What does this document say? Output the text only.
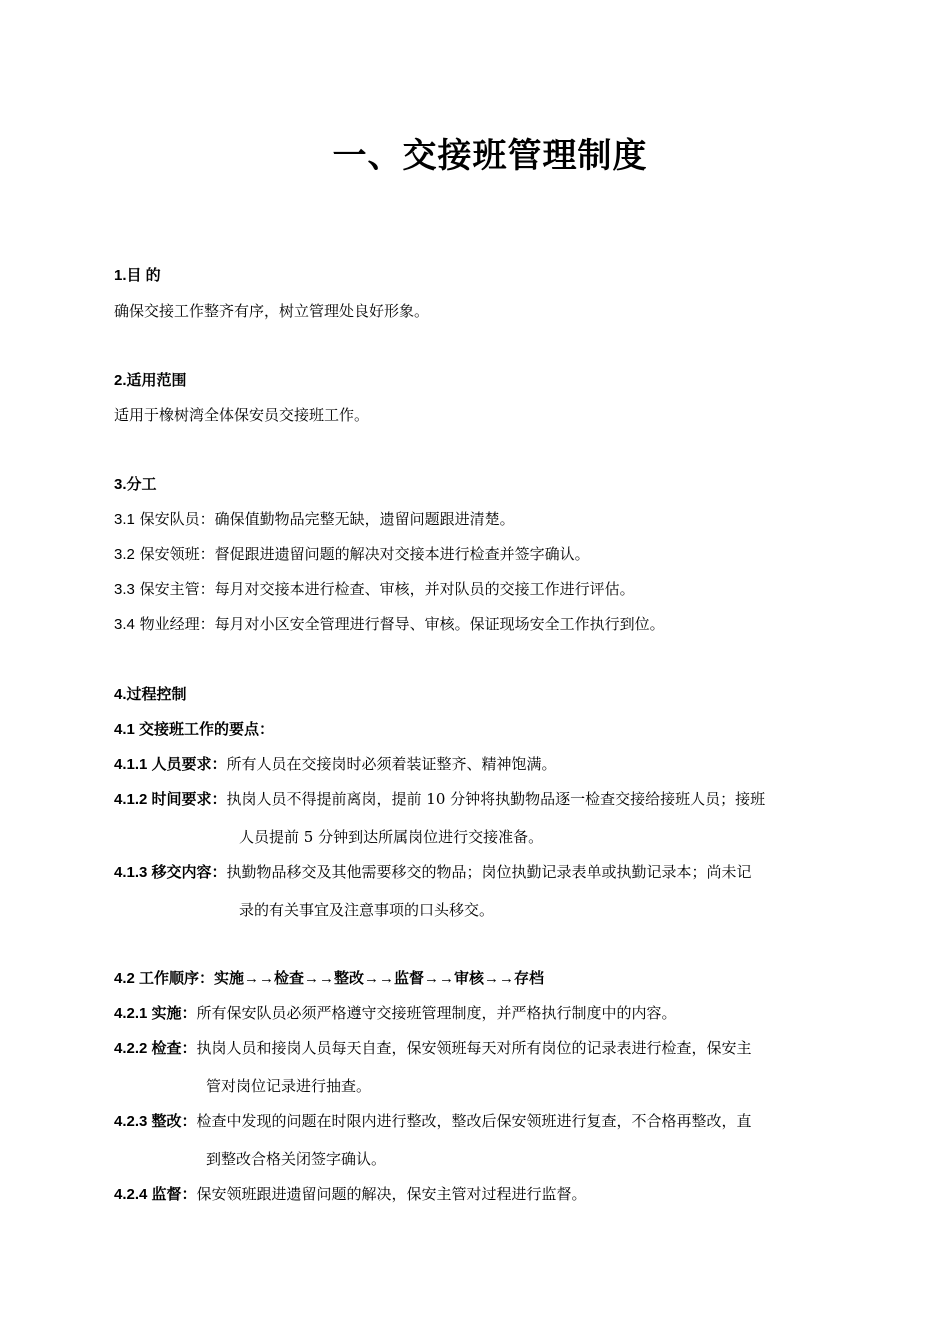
一、交接班管理制度
1.目 的
确保交接工作整齐有序，树立管理处良好形象。
2.适用范围
适用于橡树湾全体保安员交接班工作。
3.分工
3.1 保安队员：确保值勤物品完整无缺，遗留问题跟进清楚。
3.2 保安领班：督促跟进遗留问题的解决对交接本进行检查并签字确认。
3.3 保安主管：每月对交接本进行检查、审核，并对队员的交接工作进行评估。
3.4 物业经理：每月对小区安全管理进行督导、审核。保证现场安全工作执行到位。
4.过程控制
4.1 交接班工作的要点：
4.1.1 人员要求：所有人员在交接岗时必须着装证整齐、精神饱满。
4.1.2 时间要求：执岗人员不得提前离岗，提前 10 分钟将执勤物品逐一检查交接给接班人员；接班
人员提前 5 分钟到达所属岗位进行交接准备。
4.1.3 移交内容：执勤物品移交及其他需要移交的物品；岗位执勤记录表单或执勤记录本；尚未记
录的有关事宜及注意事项的口头移交。
4.2 工作顺序：实施→→检查→→整改→→监督→→审核→→存档
4.2.1 实施：所有保安队员必须严格遵守交接班管理制度，并严格执行制度中的内容。
4.2.2 检查：执岗人员和接岗人员每天自查，保安领班每天对所有岗位的记录表进行检查，保安主
管对岗位记录进行抽查。
4.2.3 整改：检查中发现的问题在时限内进行整改，整改后保安领班进行复查，不合格再整改，直
到整改合格关闭签字确认。
4.2.4 监督：保安领班跟进遗留问题的解决，保安主管对过程进行监督。
